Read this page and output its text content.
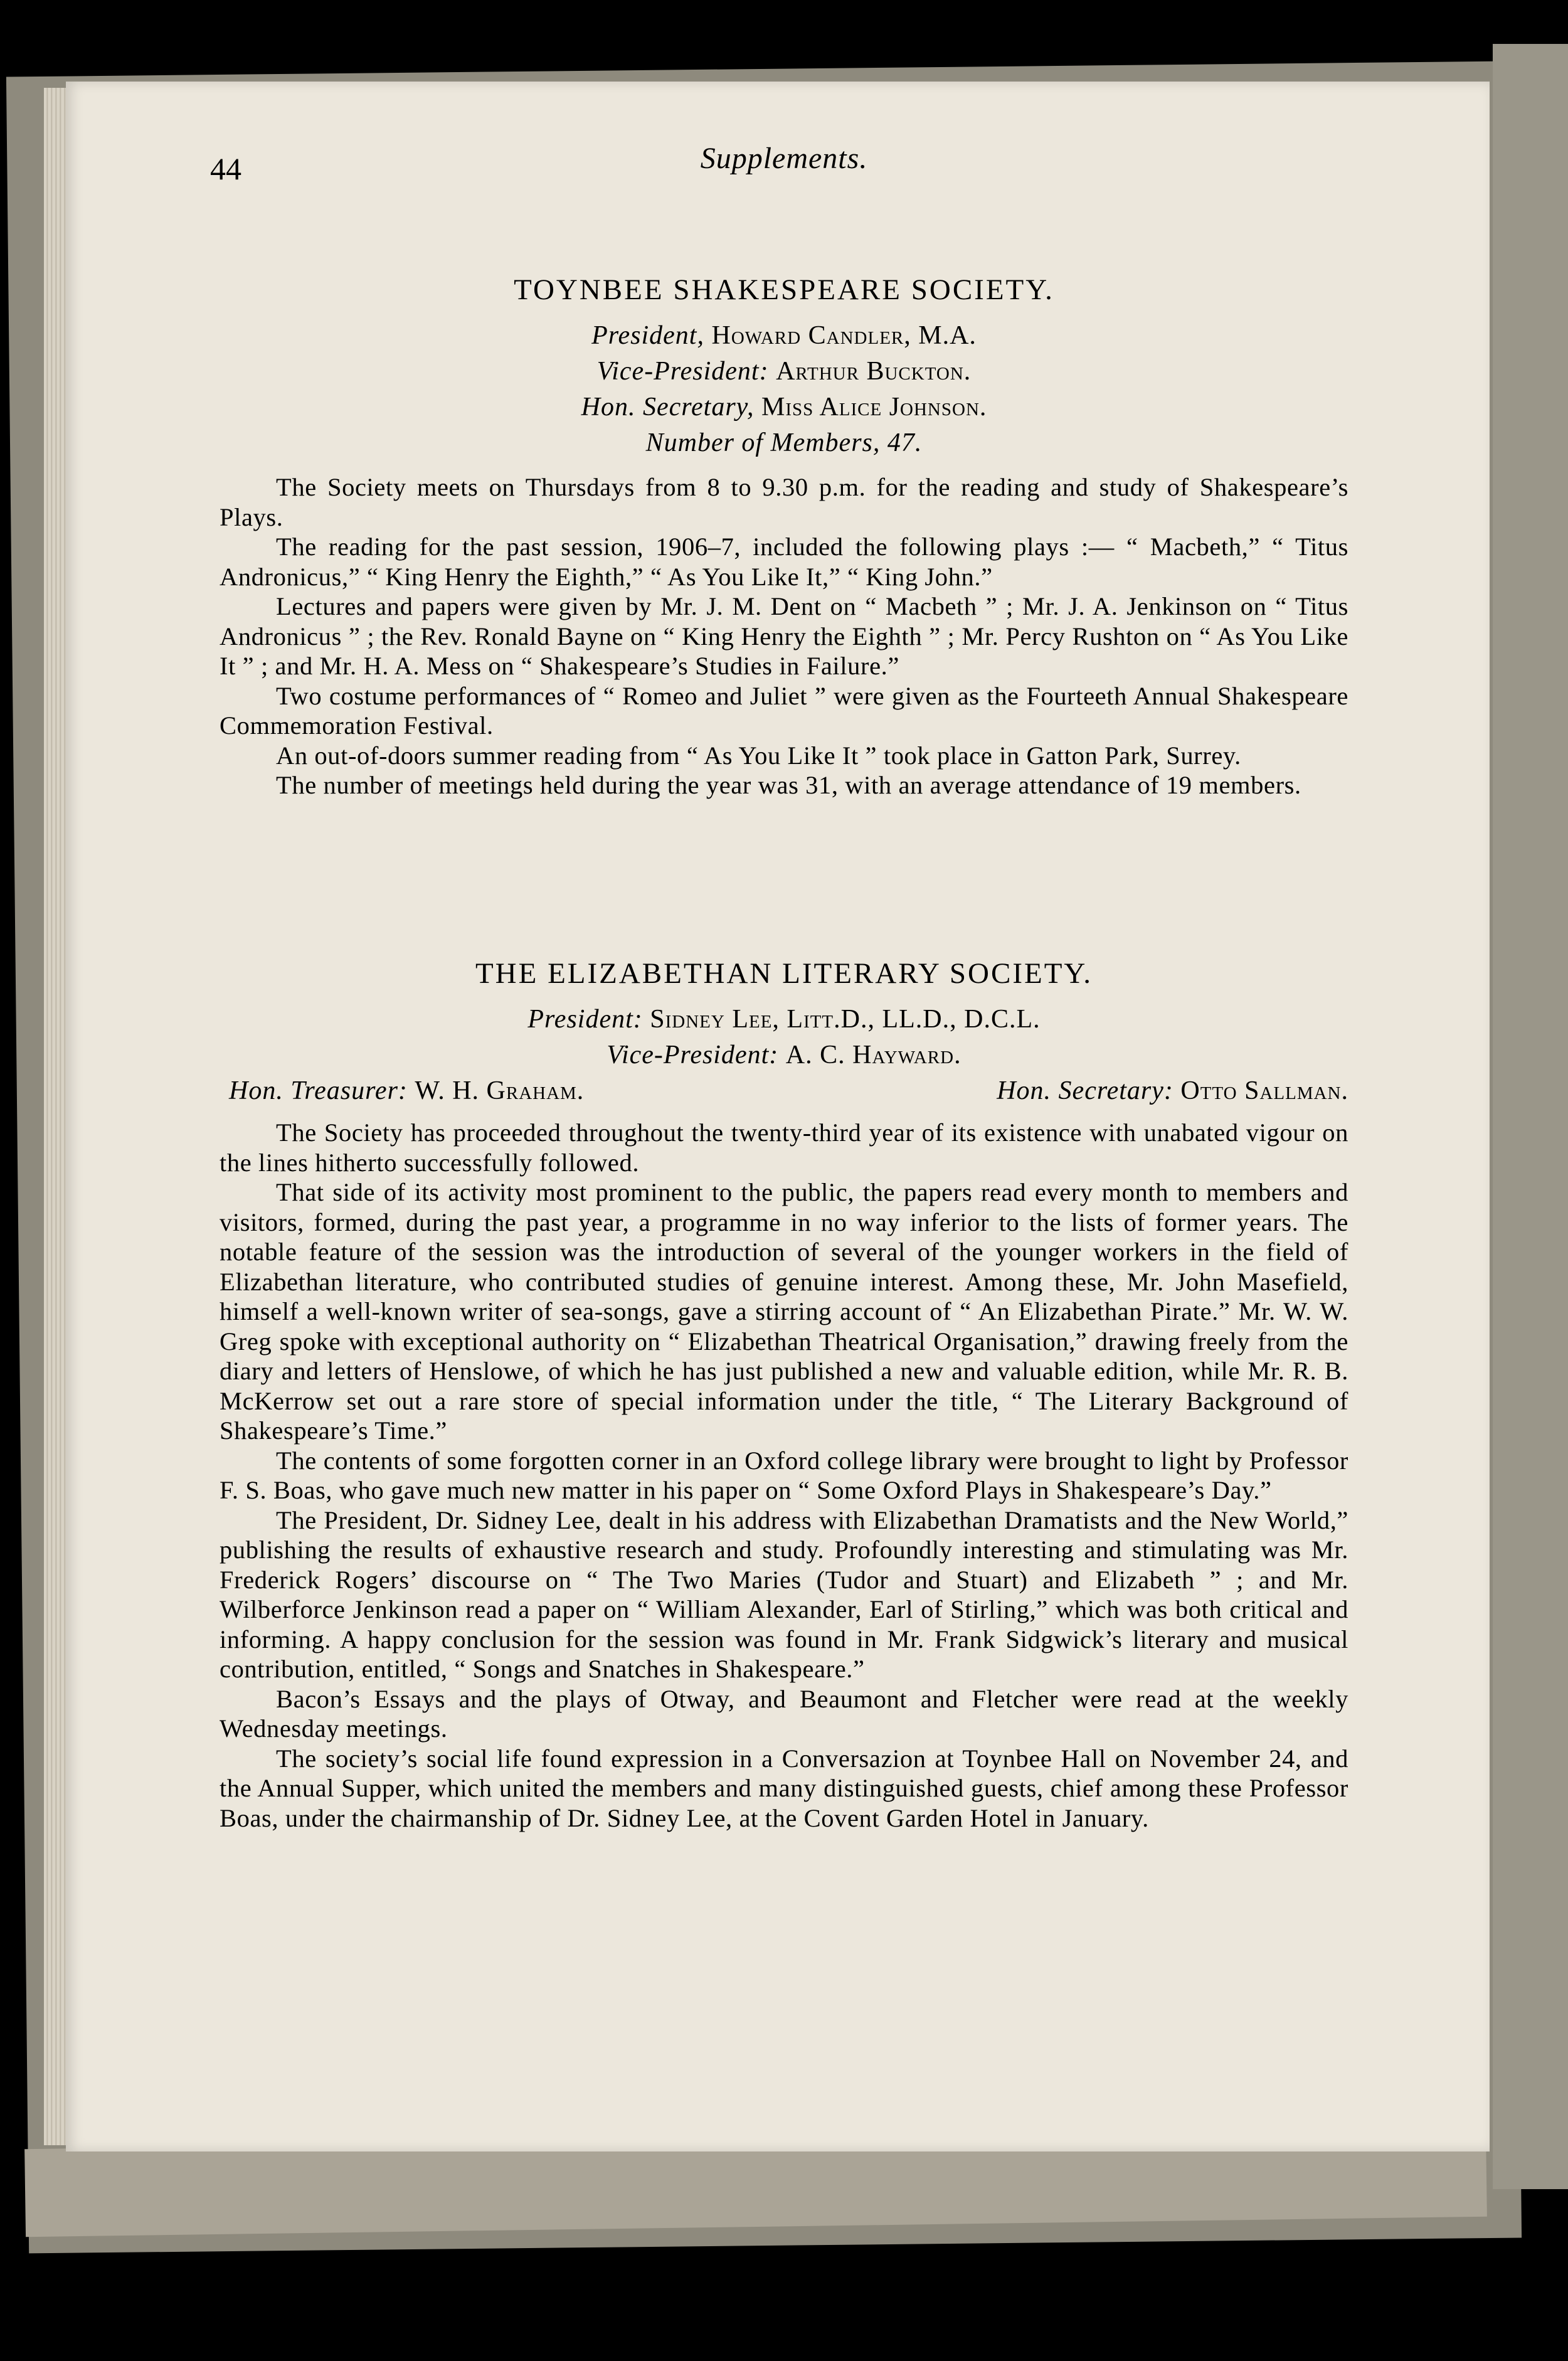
44	Supplements.
TOYNBEE SHAKESPEARE SOCIETY.
President, Howard Candler, M.A.
Vice-President: Arthur Buckton.
Hon. Secretary, Miss Alice Johnson.
Number of Members, 47.

The Society meets on Thursdays from 8 to 9.30 p.m. for the reading and study of Shakespeare’s Plays.

The reading for the past session, 1906–7, included the following plays :— “ Macbeth,” “ Titus Andronicus,” “ King Henry the Eighth,” “ As You Like It,” “ King John.”

Lectures and papers were given by Mr. J. M. Dent on “ Macbeth ” ; Mr. J. A. Jenkinson on “ Titus Andronicus ” ; the Rev. Ronald Bayne on “ King Henry the Eighth ” ; Mr. Percy Rushton on “ As You Like It ” ; and Mr. H. A. Mess on “ Shakespeare’s Studies in Failure.”

Two costume performances of “ Romeo and Juliet ” were given as the Fourteeth Annual Shakespeare Commemoration Festival.

An out-of-doors summer reading from “ As You Like It ” took place in Gatton Park, Surrey.

The number of meetings held during the year was 31, with an average attendance of 19 members.

THE ELIZABETHAN LITERARY SOCIETY.
President: Sidney Lee, Litt.D., LL.D., D.C.L.
Vice-President: A. C. Hayward.
Hon. Treasurer: W. H. Graham.	Hon. Secretary: Otto Sallman.

The Society has proceeded throughout the twenty-third year of its existence with unabated vigour on the lines hitherto successfully followed.

That side of its activity most prominent to the public, the papers read every month to members and visitors, formed, during the past year, a programme in no way inferior to the lists of former years. The notable feature of the session was the introduction of several of the younger workers in the field of Elizabethan literature, who contributed studies of genuine interest. Among these, Mr. John Masefield, himself a well-known writer of sea-songs, gave a stirring account of “ An Elizabethan Pirate.” Mr. W. W. Greg spoke with exceptional authority on “ Elizabethan Theatrical Organisation,” drawing freely from the diary and letters of Henslowe, of which he has just published a new and valuable edition, while Mr. R. B. McKerrow set out a rare store of special information under the title, “ The Literary Background of Shakespeare’s Time.”

The contents of some forgotten corner in an Oxford college library were brought to light by Professor F. S. Boas, who gave much new matter in his paper on “ Some Oxford Plays in Shakespeare’s Day.”

The President, Dr. Sidney Lee, dealt in his address with Elizabethan Dramatists and the New World,” publishing the results of exhaustive research and study. Profoundly interesting and stimulating was Mr. Frederick Rogers’ discourse on “ The Two Maries (Tudor and Stuart) and Elizabeth ” ; and Mr. Wilberforce Jenkinson read a paper on “ William Alexander, Earl of Stirling,” which was both critical and informing. A happy conclusion for the session was found in Mr. Frank Sidgwick’s literary and musical contribution, entitled, “ Songs and Snatches in Shakespeare.”

Bacon’s Essays and the plays of Otway, and Beaumont and Fletcher were read at the weekly Wednesday meetings.

The society’s social life found expression in a Conversazion at Toynbee Hall on November 24, and the Annual Supper, which united the members and many distinguished guests, chief among these Professor Boas, under the chairmanship of Dr. Sidney Lee, at the Covent Garden Hotel in January.
